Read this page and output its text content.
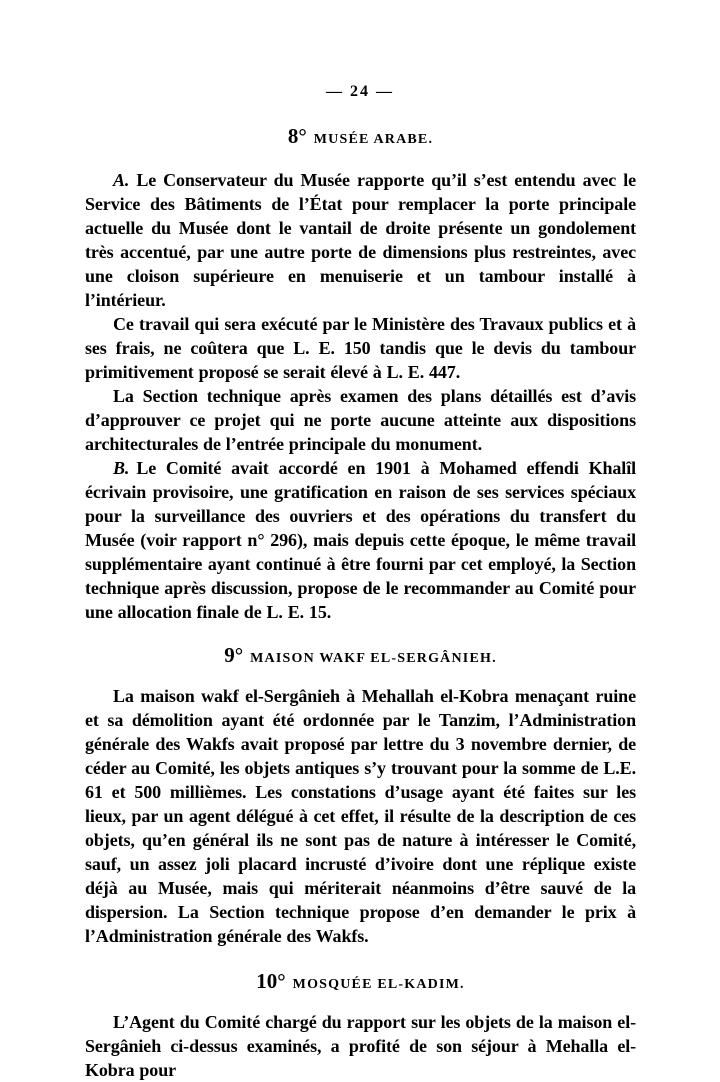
— 24 —
8° MUSÉE ARABE.

A. Le Conservateur du Musée rapporte qu’il s’est entendu avec le Service des Bâtiments de l’État pour remplacer la porte principale actuelle du Musée dont le vantail de droite présente un gondolement très accentué, par une autre porte de dimensions plus restreintes, avec une cloison supérieure en menuiserie et un tambour installé à l’intérieur.

Ce travail qui sera exécuté par le Ministère des Travaux publics et à ses frais, ne coûtera que L. E. 150 tandis que le devis du tambour primitivement proposé se serait élevé à L. E. 447.

La Section technique après examen des plans détaillés est d’avis d’approuver ce projet qui ne porte aucune atteinte aux dispositions architecturales de l’entrée principale du monument.

B. Le Comité avait accordé en 1901 à Mohamed effendi Khalîl écrivain provisoire, une gratification en raison de ses services spéciaux pour la surveillance des ouvriers et des opérations du transfert du Musée (voir rapport n° 296), mais depuis cette époque, le même travail supplémentaire ayant continué à être fourni par cet employé, la Section technique après discussion, propose de le recommander au Comité pour une allocation finale de L. E. 15.

9° MAISON WAKF EL-SERGÂNIEH.

La maison wakf el-Sergânieh à Mehallah el-Kobra menaçant ruine et sa démolition ayant été ordonnée par le Tanzim, l’Administration générale des Wakfs avait proposé par lettre du 3 novembre dernier, de céder au Comité, les objets antiques s’y trouvant pour la somme de L.E. 61 et 500 millièmes. Les constations d’usage ayant été faites sur les lieux, par un agent délégué à cet effet, il résulte de la description de ces objets, qu’en général ils ne sont pas de nature à intéresser le Comité, sauf, un assez joli placard incrusté d’ivoire dont une réplique existe déjà au Musée, mais qui mériterait néanmoins d’être sauvé de la dispersion. La Section technique propose d’en demander le prix à l’Administration générale des Wakfs.

10° MOSQUÉE EL-KADIM.

L’Agent du Comité chargé du rapport sur les objets de la maison el-Sergânieh ci-dessus examinés, a profité de son séjour à Mehalla el-Kobra pour
